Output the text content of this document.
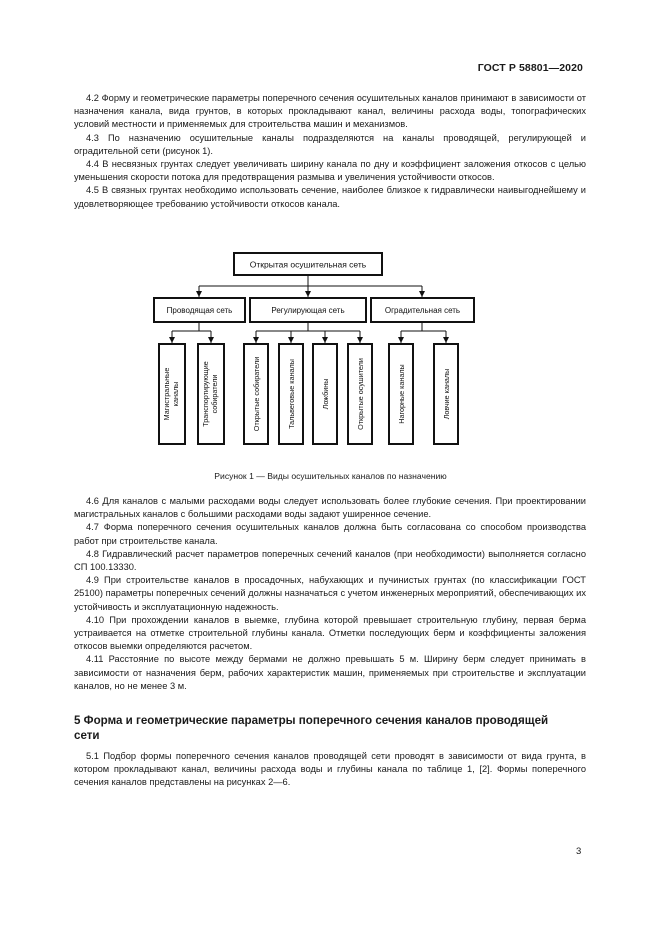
ГОСТ Р 58801—2020

4.2 Форму и геометрические параметры поперечного сечения осушительных каналов принимают в зависимости от назначения канала, вида грунтов, в которых прокладывают канал, величины расхода воды, топографических условий местности и применяемых для строительства машин и механизмов.

4.3 По назначению осушительные каналы подразделяются на каналы проводящей, регулирующей и оградительной сети (рисунок 1).

4.4 В несвязных грунтах следует увеличивать ширину канала по дну и коэффициент заложения откосов с целью уменьшения скорости потока для предотвращения размыва и увеличения устойчивости откосов.

4.5 В связных грунтах необходимо использовать сечение, наиболее близкое к гидравлически наивыгоднейшему и удовлетворяющее требованию устойчивости откосов канала.

Открытая осушительная сеть
Проводящая сеть	Регулирующая сеть	Оградительная сеть
Магистральные каналы	Транспортирующие собиратели	Открытые собиратели	Тальвеговые каналы	Ложбины	Открытые осушители	Нагорные каналы	Ловчие каналы
Рисунок 1 — Виды осушительных каналов по назначению

4.6 Для каналов с малыми расходами воды следует использовать более глубокие сечения. При проектировании магистральных каналов с большими расходами воды задают уширенное сечение.

4.7 Форма поперечного сечения осушительных каналов должна быть согласована со способом производства работ при строительстве канала.

4.8 Гидравлический расчет параметров поперечных сечений каналов (при необходимости) выполняется согласно СП 100.13330.

4.9 При строительстве каналов в просадочных, набухающих и пучинистых грунтах (по классификации ГОСТ 25100) параметры поперечных сечений должны назначаться с учетом инженерных мероприятий, обеспечивающих их устойчивость и эксплуатационную надежность.

4.10 При прохождении каналов в выемке, глубина которой превышает строительную глубину, первая берма устраивается на отметке строительной глубины канала. Отметки последующих берм и коэффициенты заложения откосов выемки определяются расчетом.

4.11 Расстояние по высоте между бермами не должно превышать 5 м. Ширину берм следует принимать в зависимости от назначения берм, рабочих характеристик машин, применяемых при строительстве и эксплуатации каналов, но не менее 3 м.

5 Форма и геометрические параметры поперечного сечения каналов проводящей сети

5.1 Подбор формы поперечного сечения каналов проводящей сети проводят в зависимости от вида грунта, в котором прокладывают канал, величины расхода воды и глубины канала по таблице 1, [2]. Формы поперечного сечения каналов представлены на рисунках 2—6.

3
